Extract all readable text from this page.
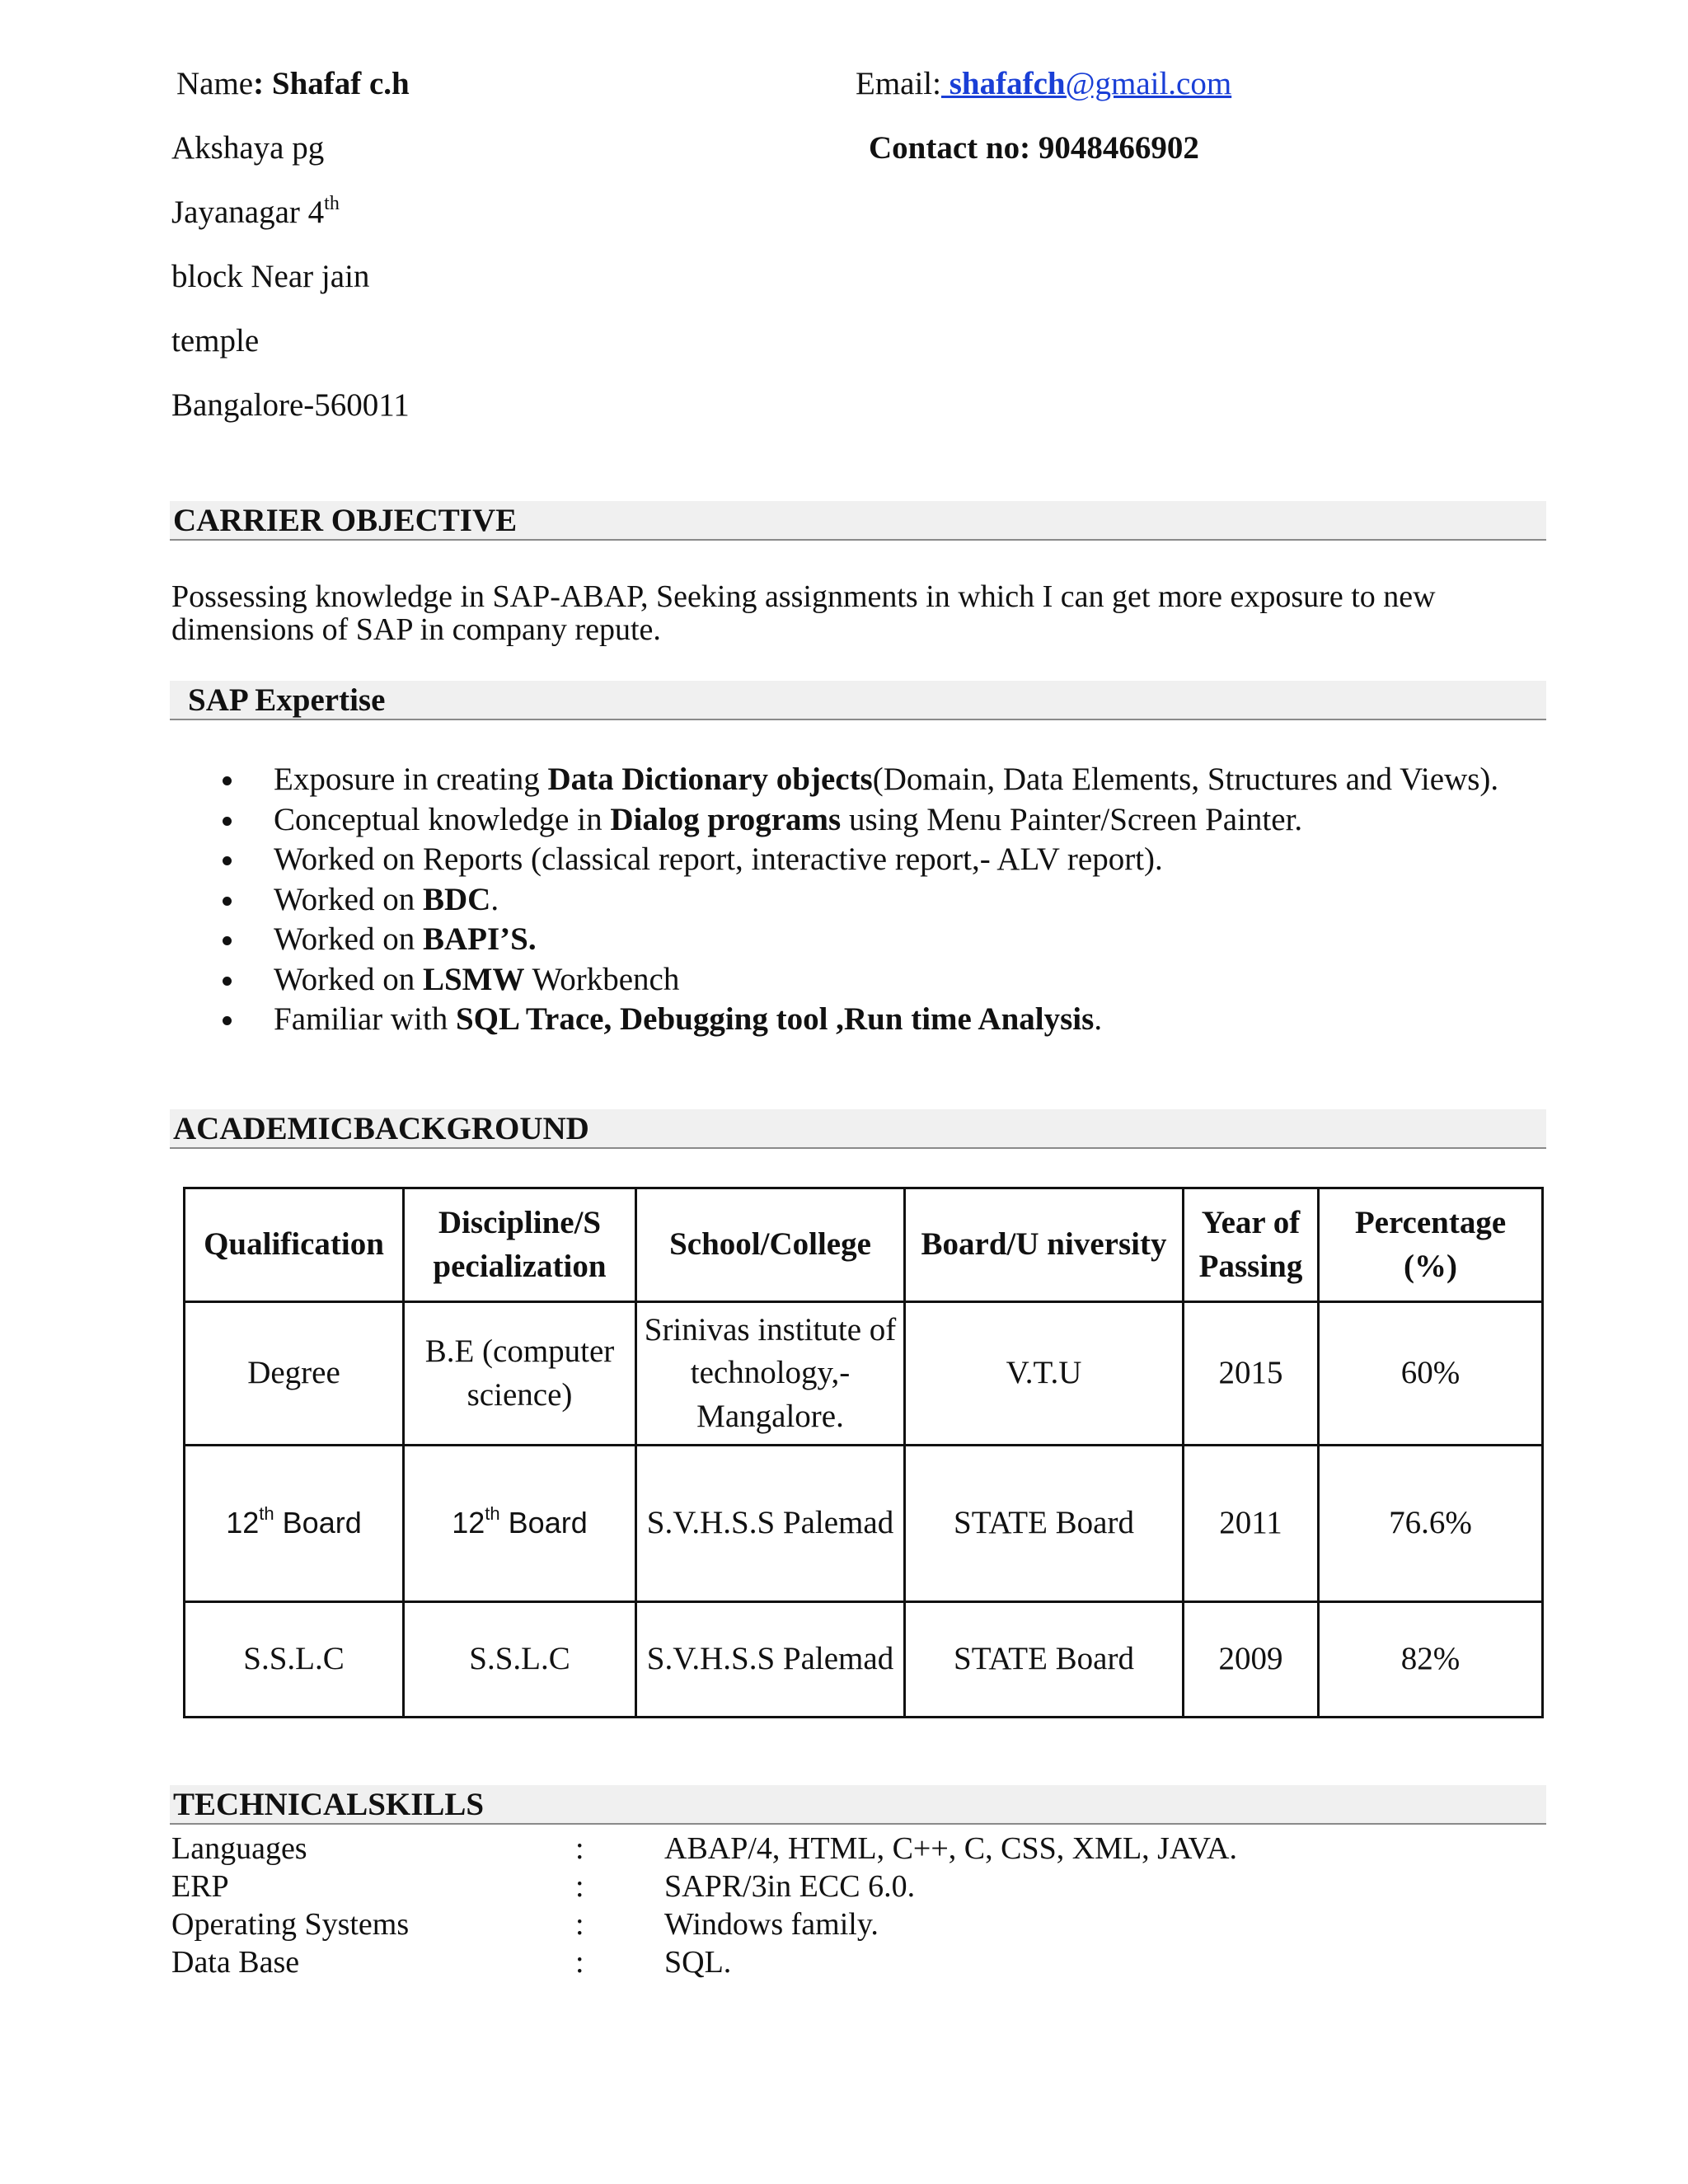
Name: Shafaf c.h	Email: shafafch@gmail.com
Contact no: 9048466902
Akshaya pg
Jayanagar 4th
block Near jain
temple
Bangalore-560011
CARRIER OBJECTIVE
Possessing knowledge in SAP-ABAP, Seeking assignments in which I can get more exposure to new dimensions of SAP in company repute.
SAP Expertise
Exposure in creating Data Dictionary objects(Domain, Data Elements, Structures and Views).
Conceptual knowledge in Dialog programs using Menu Painter/Screen Painter.
Worked on Reports (classical report, interactive report,- ALV report).
Worked on BDC.
Worked on BAPI’S.
Worked on LSMW Workbench
Familiar with SQL Trace, Debugging tool ,Run time Analysis.
ACADEMICBACKGROUND
Qualification	Discipline/S pecialization	School/College	Board/U niversity	Year of Passing	Percentage (%)
Degree	B.E (computer science)	Srinivas institute of technology,- Mangalore.	V.T.U	2015	60%
12th Board	12th Board	S.V.H.S.S Palemad	STATE Board	2011	76.6%
S.S.L.C	S.S.L.C	S.V.H.S.S Palemad	STATE Board	2009	82%
TECHNICALSKILLS
Languages	:	ABAP/4, HTML, C++, C, CSS, XML, JAVA.
ERP	:	SAPR/3in ECC 6.0.
Operating Systems	:	Windows family.
Data Base	:	SQL.
